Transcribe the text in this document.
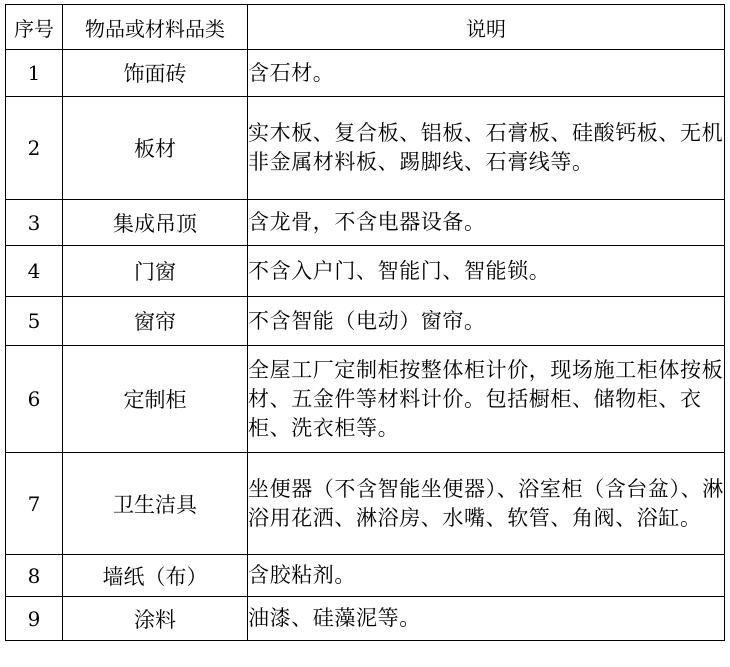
序号	物品或材料品类	说明
1	饰面砖	含石材。
2	板材	实木板、复合板、铝板、石膏板、硅酸钙板、无机非金属材料板、踢脚线、石膏线等。
3	集成吊顶	含龙骨，不含电器设备。
4	门窗	不含入户门、智能门、智能锁。
5	窗帘	不含智能（电动）窗帘。
6	定制柜	全屋工厂定制柜按整体柜计价，现场施工柜体按板材、五金件等材料计价。包括橱柜、储物柜、衣柜、洗衣柜等。
7	卫生洁具	坐便器（不含智能坐便器）、浴室柜（含台盆）、淋浴用花洒、淋浴房、水嘴、软管、角阀、浴缸。
8	墙纸（布）	含胶粘剂。
9	涂料	油漆、硅藻泥等。
